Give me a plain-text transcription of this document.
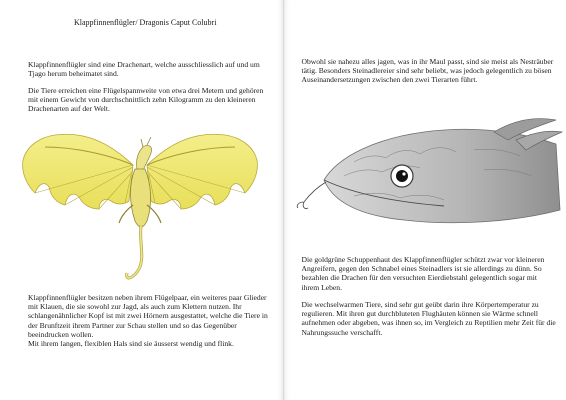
Klappfinnenflügler/ Dragonis Caput Colubri
Klappfinnenflügler sind eine Drachenart, welche ausschliesslich auf und um Tjago herum beheimatet sind.
Die Tiere erreichen eine Flügelspannweite von etwa drei Metern und gehören mit einem Gewicht von durchschnittlich zehn Kilogramm zu den kleineren Drachenarten auf der Welt.
Klappfinnenflügler besitzen neben ihrem Flügelpaar, ein weiteres paar Glieder mit Klauen, die sie sowohl zur Jagd, als auch zum Klettern nutzen. Ihr schlangenähnlicher Kopf ist mit zwei Hörnern ausgestattet, welche die Tiere in der Brunftzeit ihrem Partner zur Schau stellen und so das Gegenüber beeindrucken wollen.
Mit ihrem langen, flexiblen Hals sind sie äusserst wendig und flink.
Obwohl sie nahezu alles jagen, was in ihr Maul passt, sind sie meist als Nesträuber tätig. Besonders Steinadlereier sind sehr beliebt, was jedoch gelegentlich zu bösen Auseinandersetzungen zwischen den zwei Tierarten führt.
Die goldgrüne Schuppenhaut des Klappfinnenflügler schützt zwar vor kleineren Angreifern, gegen den Schnabel eines Steinadlers ist sie allerdings zu dünn. So bezahlen die Drachen für den versuchten Eierdiebstahl gelegentlich sogar mit ihrem Leben.
Die wechselwarmen Tiere, sind sehr gut geübt darin ihre Körpertemperatur zu regulieren. Mit ihren gut durchbluteten Flughäuten können sie Wärme schnell aufnehmen oder abgeben, was ihnen so, im Vergleich zu Reptilien mehr Zeit für die Nahrungssuche verschafft.
